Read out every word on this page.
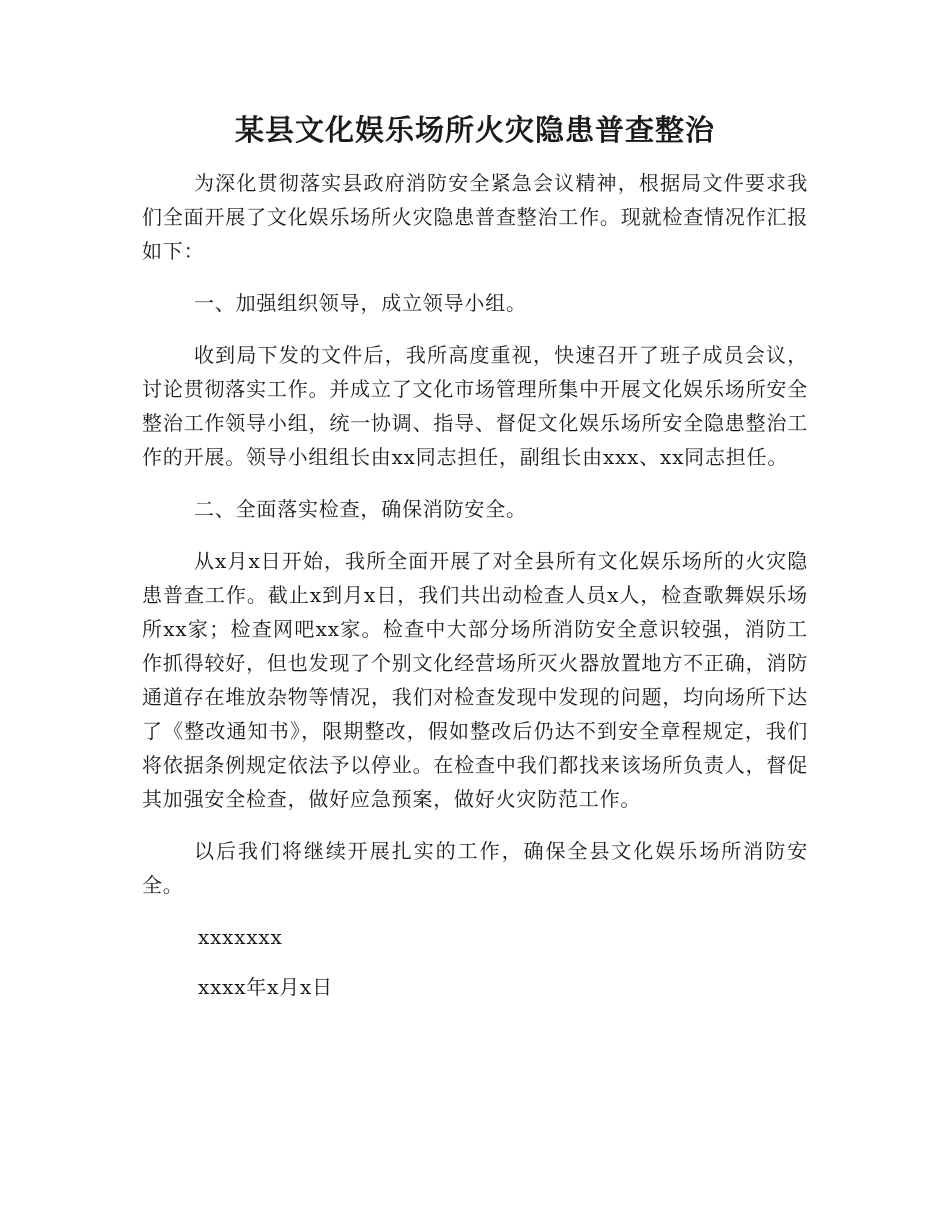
某县文化娱乐场所火灾隐患普查整治

为深化贯彻落实县政府消防安全紧急会议精神，根据局文件要求我们全面开展了文化娱乐场所火灾隐患普查整治工作。现就检查情况作汇报如下：

一、加强组织领导，成立领导小组。

收到局下发的文件后，我所高度重视，快速召开了班子成员会议，讨论贯彻落实工作。并成立了文化市场管理所集中开展文化娱乐场所安全整治工作领导小组，统一协调、指导、督促文化娱乐场所安全隐患整治工作的开展。领导小组组长由xx同志担任，副组长由xxx、xx同志担任。

二、全面落实检查，确保消防安全。

从x月x日开始，我所全面开展了对全县所有文化娱乐场所的火灾隐患普查工作。截止x到月x日，我们共出动检查人员x人，检查歌舞娱乐场所xx家；检查网吧xx家。检查中大部分场所消防安全意识较强，消防工作抓得较好，但也发现了个别文化经营场所灭火器放置地方不正确，消防通道存在堆放杂物等情况，我们对检查发现中发现的问题，均向场所下达了《整改通知书》，限期整改，假如整改后仍达不到安全章程规定，我们将依据条例规定依法予以停业。在检查中我们都找来该场所负责人，督促其加强安全检查，做好应急预案，做好火灾防范工作。

以后我们将继续开展扎实的工作，确保全县文化娱乐场所消防安全。

xxxxxxx

xxxx年x月x日
